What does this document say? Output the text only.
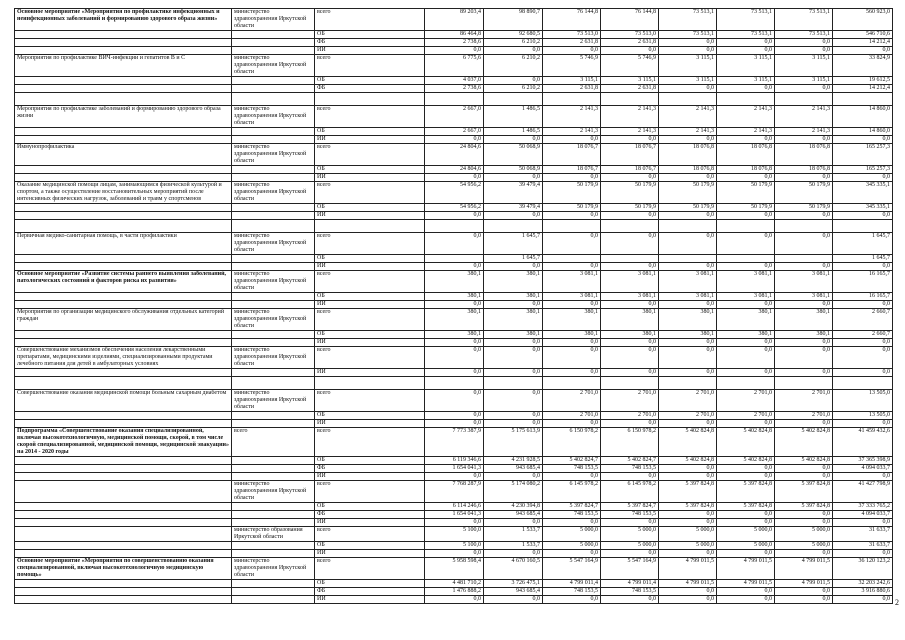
Основное мероприятие «Мероприятия по профилактике инфекционных и неинфекционных заболеваний и формированию здорового образа жизни»	министерство здравоохранения Иркутской области	всего	89 203,4	98 890,7	76 144,8	76 144,8	73 513,1	73 513,1	73 513,1	560 923,0
		ОБ	86 464,8	92 680,5	73 513,0	73 513,0	73 513,1	73 513,1	73 513,1	546 710,6
		ФБ	2 738,6	6 210,2	2 631,8	2 631,8	0,0	0,0	0,0	14 212,4
		ИИ	0,0	0,0	0,0	0,0	0,0	0,0	0,0	0,0
Мероприятия по профилактике ВИЧ-инфекции и гепатитов В и С	министерство здравоохранения Иркутской области	всего	6 775,6	6 210,2	5 746,9	5 746,9	3 115,1	3 115,1	3 115,1	33 824,9
		ОБ	4 037,0	0,0	3 115,1	3 115,1	3 115,1	3 115,1	3 115,1	19 612,5
		ФБ	2 738,6	6 210,2	2 631,8	2 631,8	0,0	0,0	0,0	14 212,4

Мероприятия по профилактике заболеваний и формированию здорового образа жизни	министерство здравоохранения Иркутской области	всего	2 667,0	1 486,5	2 141,3	2 141,3	2 141,3	2 141,3	2 141,3	14 860,0
		ОБ	2 667,0	1 486,5	2 141,3	2 141,3	2 141,3	2 141,3	2 141,3	14 860,0
		ИИ	0,0	0,0	0,0	0,0	0,0	0,0	0,0	0,0
Иммунопрофилактика	министерство здравоохранения Иркутской области	всего	24 804,6	50 068,9	18 076,7	18 076,7	18 076,8	18 076,8	18 076,8	165 257,3
		ОБ	24 804,6	50 068,9	18 076,7	18 076,7	18 076,8	18 076,8	18 076,8	165 257,3
		ИИ	0,0	0,0	0,0	0,0	0,0	0,0	0,0	0,0
Оказание медицинской помощи лицам, занимающимся физической культурой и спортом, а также осуществление восстановительных мероприятий после интенсивных физических нагрузок, заболеваний и травм у спортсменов	министерство здравоохранения Иркутской области	всего	54 956,2	39 479,4	50 179,9	50 179,9	50 179,9	50 179,9	50 179,9	345 335,1
		ОБ	54 956,2	39 479,4	50 179,9	50 179,9	50 179,9	50 179,9	50 179,9	345 335,1
		ИИ	0,0	0,0	0,0	0,0	0,0	0,0	0,0	0,0

Первичная медико-санитарная помощь, в части профилактики	министерство здравоохранения Иркутской области	всего	0,0	1 645,7	0,0	0,0	0,0	0,0	0,0	1 645,7
		ОБ		1 645,7						1 645,7
		ИИ	0,0	0,0	0,0	0,0	0,0	0,0	0,0	0,0
Основное мероприятие «Развитие системы раннего выявления заболеваний, патологических состояний и факторов риска их развития»	министерство здравоохранения Иркутской области	всего	380,1	380,1	3 081,1	3 081,1	3 081,1	3 081,1	3 081,1	16 165,7
		ОБ	380,1	380,1	3 081,1	3 081,1	3 081,1	3 081,1	3 081,1	16 165,7
		ИИ	0,0	0,0	0,0	0,0	0,0	0,0	0,0	0,0
Мероприятия по организации медицинского обслуживания отдельных категорий граждан	министерство здравоохранения Иркутской области	всего	380,1	380,1	380,1	380,1	380,1	380,1	380,1	2 660,7
		ОБ	380,1	380,1	380,1	380,1	380,1	380,1	380,1	2 660,7
		ИИ	0,0	0,0	0,0	0,0	0,0	0,0	0,0	0,0
Совершенствование механизмов обеспечения населения лекарственными препаратами, медицинскими изделиями, специализированными продуктами лечебного питания для детей в амбулаторных условиях	министерство здравоохранения Иркутской области	всего	0,0	0,0	0,0	0,0	0,0	0,0	0,0	0,0
		ИИ	0,0	0,0	0,0	0,0	0,0	0,0	0,0	0,0

Совершенствование оказания медицинской помощи больным сахарным диабетом	министерство здравоохранения Иркутской области	всего	0,0	0,0	2 701,0	2 701,0	2 701,0	2 701,0	2 701,0	13 505,0
		ОБ	0,0	0,0	2 701,0	2 701,0	2 701,0	2 701,0	2 701,0	13 505,0
		ИИ	0,0	0,0	0,0	0,0	0,0	0,0	0,0	0,0
Подпрограмма «Совершенствование оказания специализированной, включая высокотехнологичную, медицинской помощи, скорой, в том числе скорой специализированной, медицинской помощи, медицинской эвакуации» на 2014 - 2020 годы	всего	всего	7 773 387,9	5 175 613,9	6 150 978,2	6 150 978,2	5 402 824,8	5 402 824,8	5 402 824,8	41 459 432,6
		ОБ	6 119 346,6	4 231 928,5	5 402 824,7	5 402 824,7	5 402 824,8	5 402 824,8	5 402 824,8	37 365 398,9
		ФБ	1 654 041,3	943 685,4	748 153,5	748 153,5	0,0	0,0	0,0	4 094 033,7
		ИИ	0,0	0,0	0,0	0,0	0,0	0,0	0,0	0,0
	министерство здравоохранения Иркутской области	всего	7 768 287,9	5 174 080,2	6 145 978,2	6 145 978,2	5 397 824,8	5 397 824,8	5 397 824,8	41 427 798,9
		ОБ	6 114 246,6	4 230 394,8	5 397 824,7	5 397 824,7	5 397 824,8	5 397 824,8	5 397 824,8	37 333 765,2
		ФБ	1 654 041,3	943 685,4	748 153,5	748 153,5	0,0	0,0	0,0	4 094 033,7
		ИИ	0,0	0,0	0,0	0,0	0,0	0,0	0,0	0,0
	министерство образования Иркутской области	всего	5 100,0	1 533,7	5 000,0	5 000,0	5 000,0	5 000,0	5 000,0	31 633,7
		ОБ	5 100,0	1 533,7	5 000,0	5 000,0	5 000,0	5 000,0	5 000,0	31 633,7
		ИИ	0,0	0,0	0,0	0,0	0,0	0,0	0,0	0,0
Основное мероприятие «Мероприятия по совершенствованию оказания специализированной, включая высокотехнологичную медицинскую помощь»	министерство здравоохранения Иркутской области	всего	5 958 598,4	4 670 160,5	5 547 164,9	5 547 164,9	4 799 011,5	4 799 011,5	4 799 011,5	36 120 123,2
		ОБ	4 481 710,2	3 726 475,1	4 799 011,4	4 799 011,4	4 799 011,5	4 799 011,5	4 799 011,5	32 203 242,6
		ФБ	1 476 888,2	943 685,4	748 153,5	748 153,5	0,0	0,0	0,0	3 916 880,6
		ИИ	0,0	0,0	0,0	0,0	0,0	0,0	0,0	0,0 2
